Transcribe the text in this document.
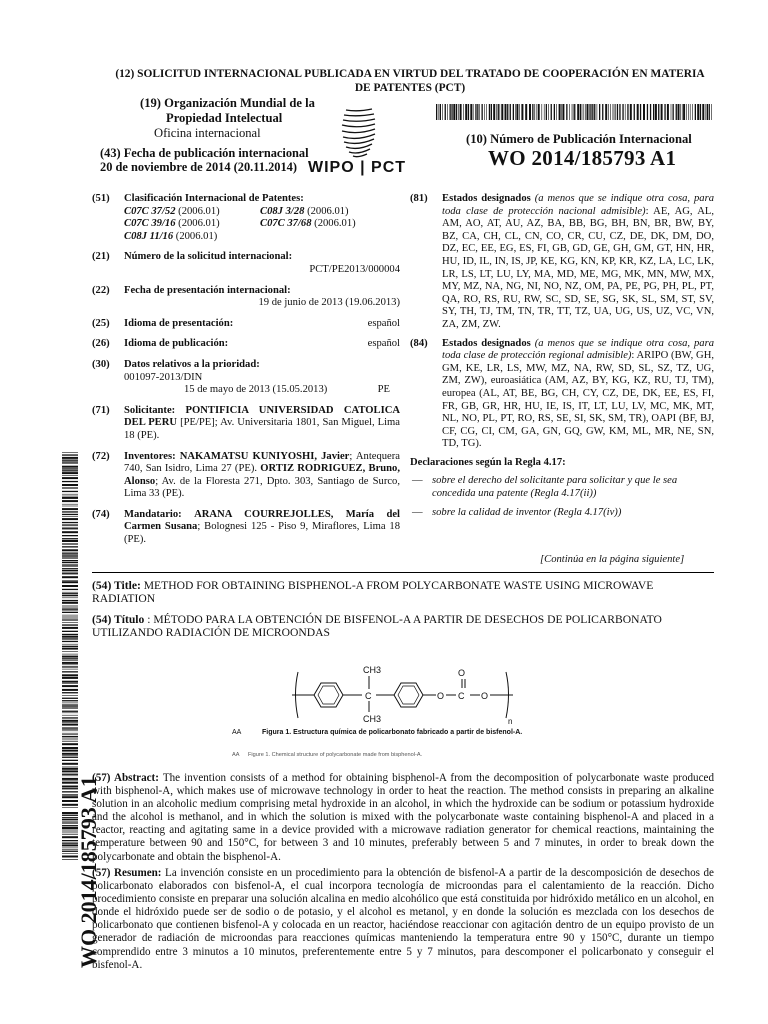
(12) SOLICITUD INTERNACIONAL PUBLICADA EN VIRTUD DEL TRATADO DE COOPERACIÓN EN MATERIA DE PATENTES (PCT)
(19) Organización Mundial de la
Propiedad Intelectual

Oficina internacional
WIPO | PCT
(43) Fecha de publicación internacional
20 de noviembre de 2014 (20.11.2014)
(10) Número de Publicación Internacional
WO 2014/185793 A1
(51) Clasificación Internacional de Patentes:
C07C 37/52 (2006.01)	C08J 3/28 (2006.01)
C07C 39/16 (2006.01)	C07C 37/68 (2006.01)
C08J 11/16 (2006.01)
(21) Número de la solicitud internacional:
PCT/PE2013/000004
(22) Fecha de presentación internacional:
19 de junio de 2013 (19.06.2013)
(25) Idioma de presentación:	español
(26) Idioma de publicación:	español
(30) Datos relativos a la prioridad:
001097-2013/DIN
15 de mayo de 2013 (15.05.2013)	PE
(71) Solicitante: PONTIFICIA UNIVERSIDAD CATOLICA DEL PERU [PE/PE]; Av. Universitaria 1801, San Miguel, Lima 18 (PE).
(72) Inventores: NAKAMATSU KUNIYOSHI, Javier; Antequera 740, San Isidro, Lima 27 (PE). ORTIZ RODRIGUEZ, Bruno, Alonso; Av. de la Floresta 271, Dpto. 303, Santiago de Surco, Lima 33 (PE).
(74) Mandatario: ARANA COURREJOLLES, María del Carmen Susana; Bolognesi 125 - Piso 9, Miraflores, Lima 18 (PE).
(81) Estados designados (a menos que se indique otra cosa, para toda clase de protección nacional admisible): AE, AG, AL, AM, AO, AT, AU, AZ, BA, BB, BG, BH, BN, BR, BW, BY, BZ, CA, CH, CL, CN, CO, CR, CU, CZ, DE, DK, DM, DO, DZ, EC, EE, EG, ES, FI, GB, GD, GE, GH, GM, GT, HN, HR, HU, ID, IL, IN, IS, JP, KE, KG, KN, KP, KR, KZ, LA, LC, LK, LR, LS, LT, LU, LY, MA, MD, ME, MG, MK, MN, MW, MX, MY, MZ, NA, NG, NI, NO, NZ, OM, PA, PE, PG, PH, PL, PT, QA, RO, RS, RU, RW, SC, SD, SE, SG, SK, SL, SM, ST, SV, SY, TH, TJ, TM, TN, TR, TT, TZ, UA, UG, US, UZ, VC, VN, ZA, ZM, ZW.
(84) Estados designados (a menos que se indique otra cosa, para toda clase de protección regional admisible): ARIPO (BW, GH, GM, KE, LR, LS, MW, MZ, NA, RW, SD, SL, SZ, TZ, UG, ZM, ZW), euroasiática (AM, AZ, BY, KG, KZ, RU, TJ, TM), europea (AL, AT, BE, BG, CH, CY, CZ, DE, DK, EE, ES, FI, FR, GB, GR, HR, HU, IE, IS, IT, LT, LU, LV, MC, MK, MT, NL, NO, PL, PT, RO, RS, SE, SI, SK, SM, TR), OAPI (BF, BJ, CF, CG, CI, CM, GA, GN, GQ, GW, KM, ML, MR, NE, SN, TD, TG).
Declaraciones según la Regla 4.17:
— sobre el derecho del solicitante para solicitar y que le sea concedida una patente (Regla 4.17(ii))
— sobre la calidad de inventor (Regla 4.17(iv))
[Continúa en la página siguiente]
(54) Title: METHOD FOR OBTAINING BISPHENOL-A FROM POLYCARBONATE WASTE USING MICROWAVE RADIATION
(54) Título : MÉTODO PARA LA OBTENCIÓN DE BISFENOL-A A PARTIR DE DESECHOS DE POLICARBONATO UTILIZANDO RADIACIÓN DE MICROONDAS
CH3
C
CH3
O
O
C O
n
AA	Figura 1. Estructura química de policarbonato fabricado a partir de bisfenol-A.
AA Figure 1. Chemical structure of polycarbonate made from bisphenol-A.
(57) Abstract: The invention consists of a method for obtaining bisphenol-A from the decomposition of polycarbonate waste produced with bisphenol-A, which makes use of microwave technology in order to heat the reaction. The method consists in preparing an alkaline solution in an alcoholic medium comprising metal hydroxide in an alcohol, in which the hydroxide can be sodium or potassium hydroxide and the alcohol is methanol, and in which the solution is mixed with the polycarbonate waste containing bisphenol-A and placed in a reactor, reacting and agitating same in a device provided with a microwave radiation generator for chemical reactions, maintaining the temperature between 90 and 150°C, for between 3 and 10 minutes, preferably between 5 and 7 minutes, in order to break down the polycarbonate and obtain the bisphenol-A.
(57) Resumen: La invención consiste en un procedimiento para la obtención de bisfenol-A a partir de la descomposición de desechos de policarbonato elaborados con bisfenol-A, el cual incorpora tecnología de microondas para el calentamiento de la reacción. Dicho procedimiento consiste en preparar una solución alcalina en medio alcohólico que está constituida por hidróxido metálico en un alcohol, en donde el hidróxido puede ser de sodio o de potasio, y el alcohol es metanol, y en donde la solución es mezclada con los desechos de policarbonato que contienen bisfenol-A y colocada en un reactor, haciéndose reaccionar con agitación dentro de un equipo provisto de un generador de radiación de microondas para reacciones químicas manteniendo la temperatura entre 90 y 150°C, durante un tiempo comprendido entre 3 minutos a 10 minutos, preferentemente entre 5 y 7 minutos, para descomponer el policarbonato y conseguir el bisfenol-A.
WO 2014/185793 A1
